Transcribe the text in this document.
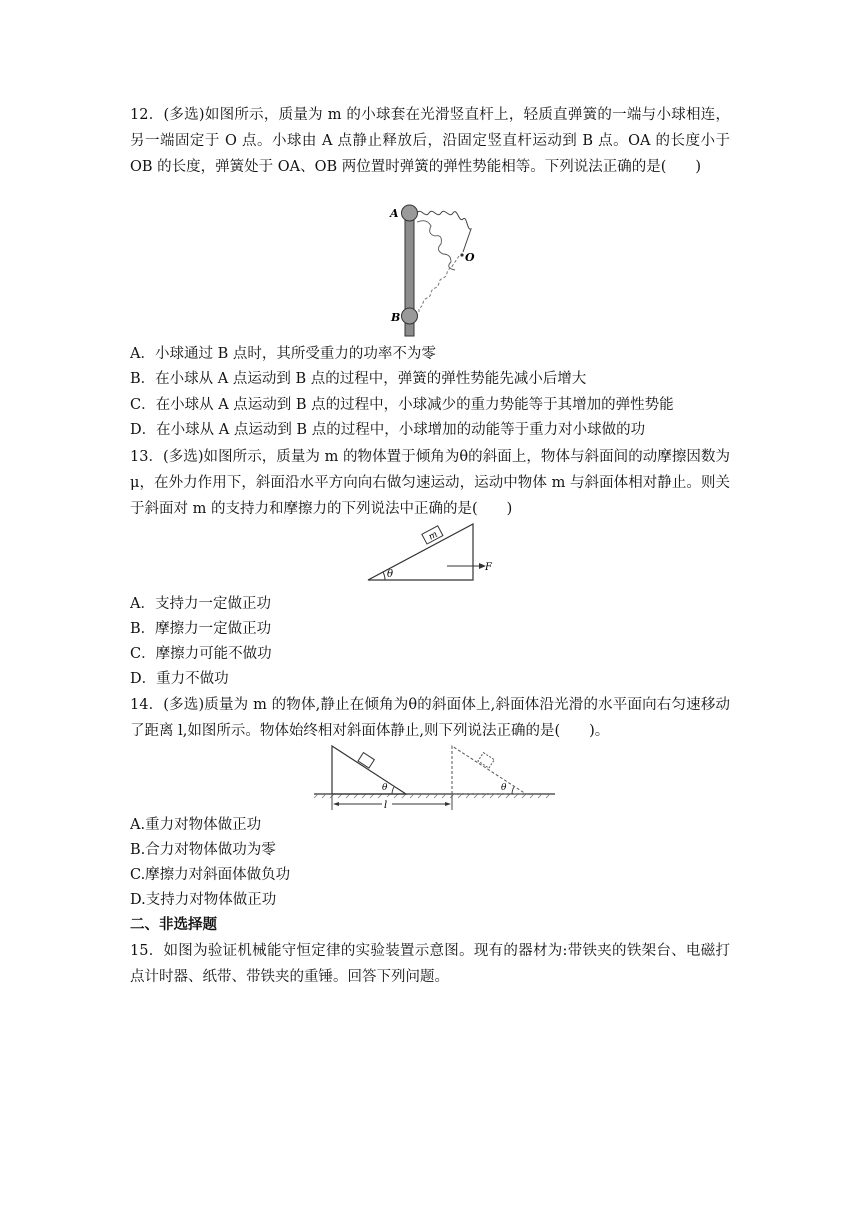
12．(多选)如图所示，质量为 m 的小球套在光滑竖直杆上，轻质直弹簧的一端与小球相连，另一端固定于 O 点。小球由 A 点静止释放后，沿固定竖直杆运动到 B 点。OA 的长度小于 OB 的长度，弹簧处于 OA、OB 两位置时弹簧的弹性势能相等。下列说法正确的是(　　)

A
B
O

A．小球通过 B 点时，其所受重力的功率不为零

B．在小球从 A 点运动到 B 点的过程中，弹簧的弹性势能先减小后增大

C．在小球从 A 点运动到 B 点的过程中，小球减少的重力势能等于其增加的弹性势能

D．在小球从 A 点运动到 B 点的过程中，小球增加的动能等于重力对小球做的功

13．(多选)如图所示，质量为 m 的物体置于倾角为θ的斜面上，物体与斜面间的动摩擦因数为μ，在外力作用下，斜面沿水平方向向右做匀速运动，运动中物体 m 与斜面体相对静止。则关于斜面对 m 的支持力和摩擦力的下列说法中正确的是(　　)

m
θ
F

A．支持力一定做正功

B．摩擦力一定做正功

C．摩擦力可能不做功

D．重力不做功

14．(多选)质量为 m 的物体,静止在倾角为θ的斜面体上,斜面体沿光滑的水平面向右匀速移动了距离 l,如图所示。物体始终相对斜面体静止,则下列说法正确的是(　　)。

θ	θ
l

A.重力对物体做正功

B.合力对物体做功为零

C.摩擦力对斜面体做负功

D.支持力对物体做正功

二、非选择题

15．如图为验证机械能守恒定律的实验装置示意图。现有的器材为:带铁夹的铁架台、电磁打点计时器、纸带、带铁夹的重锤。回答下列问题。
